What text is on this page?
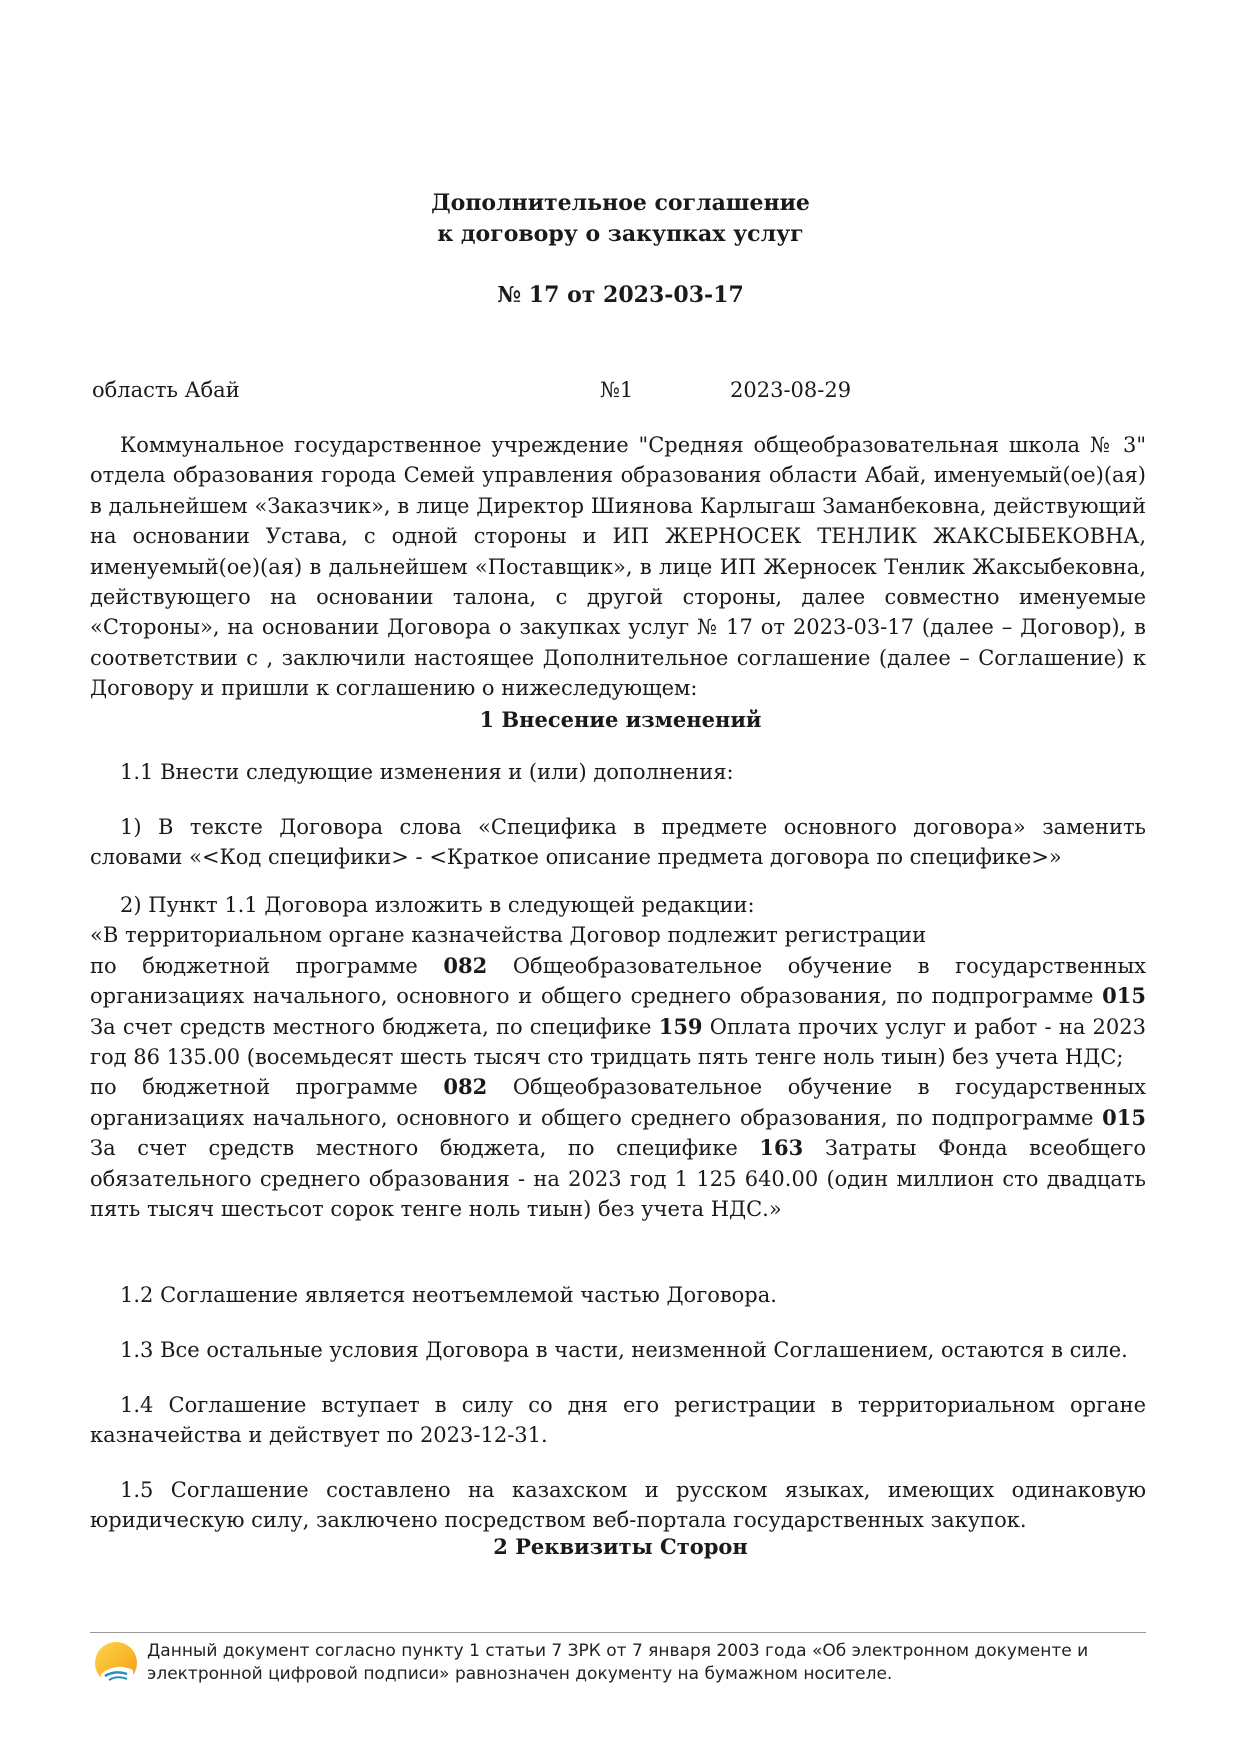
Дополнительное соглашение
к договору о закупках услуг
№ 17 от 2023-03-17
область Абай	№1	2023-08-29

Коммунальное государственное учреждение "Средняя общеобразовательная школа № 3" отдела образования города Семей управления образования области Абай, именуемый(ое)(ая) в дальнейшем «Заказчик», в лице Директор Шиянова Карлыгаш Заманбековна, действующий на основании Устава, с одной стороны и ИП ЖЕРНОСЕК ТЕНЛИК ЖАКСЫБЕКОВНА, именуемый(ое)(ая) в дальнейшем «Поставщик», в лице ИП Жерносек Тенлик Жаксыбековна, действующего на основании талона, с другой стороны, далее совместно именуемые «Стороны», на основании Договора о закупках услуг № 17 от 2023-03-17 (далее – Договор), в соответствии с , заключили настоящее Дополнительное соглашение (далее – Соглашение) к Договору и пришли к соглашению о нижеследующем:

1 Внесение изменений

1.1 Внести следующие изменения и (или) дополнения:

1) В тексте Договора слова «Специфика в предмете основного договора» заменить словами «<Код специфики> - <Краткое описание предмета договора по специфике>»

2) Пункт 1.1 Договора изложить в следующей редакции:
«В территориальном органе казначейства Договор подлежит регистрации
по бюджетной программе 082 Общеобразовательное обучение в государственных организациях начального, основного и общего среднего образования, по подпрограмме 015 За счет средств местного бюджета, по специфике 159 Оплата прочих услуг и работ - на 2023 год 86 135.00 (восемьдесят шесть тысяч сто тридцать пять тенге ноль тиын) без учета НДС;
по бюджетной программе 082 Общеобразовательное обучение в государственных организациях начального, основного и общего среднего образования, по подпрограмме 015 За счет средств местного бюджета, по специфике 163 Затраты Фонда всеобщего обязательного среднего образования - на 2023 год 1 125 640.00 (один миллион сто двадцать пять тысяч шестьсот сорок тенге ноль тиын) без учета НДС.»

1.2 Соглашение является неотъемлемой частью Договора.

1.3 Все остальные условия Договора в части, неизменной Соглашением, остаются в силе.

1.4 Соглашение вступает в силу со дня его регистрации в территориальном органе казначейства и действует по 2023-12-31.

1.5 Соглашение составлено на казахском и русском языках, имеющих одинаковую юридическую силу, заключено посредством веб-портала государственных закупок.

2 Реквизиты Сторон
Данный документ согласно пункту 1 статьи 7 ЗРК от 7 января 2003 года «Об электронном документе и электронной цифровой подписи» равнозначен документу на бумажном носителе.
